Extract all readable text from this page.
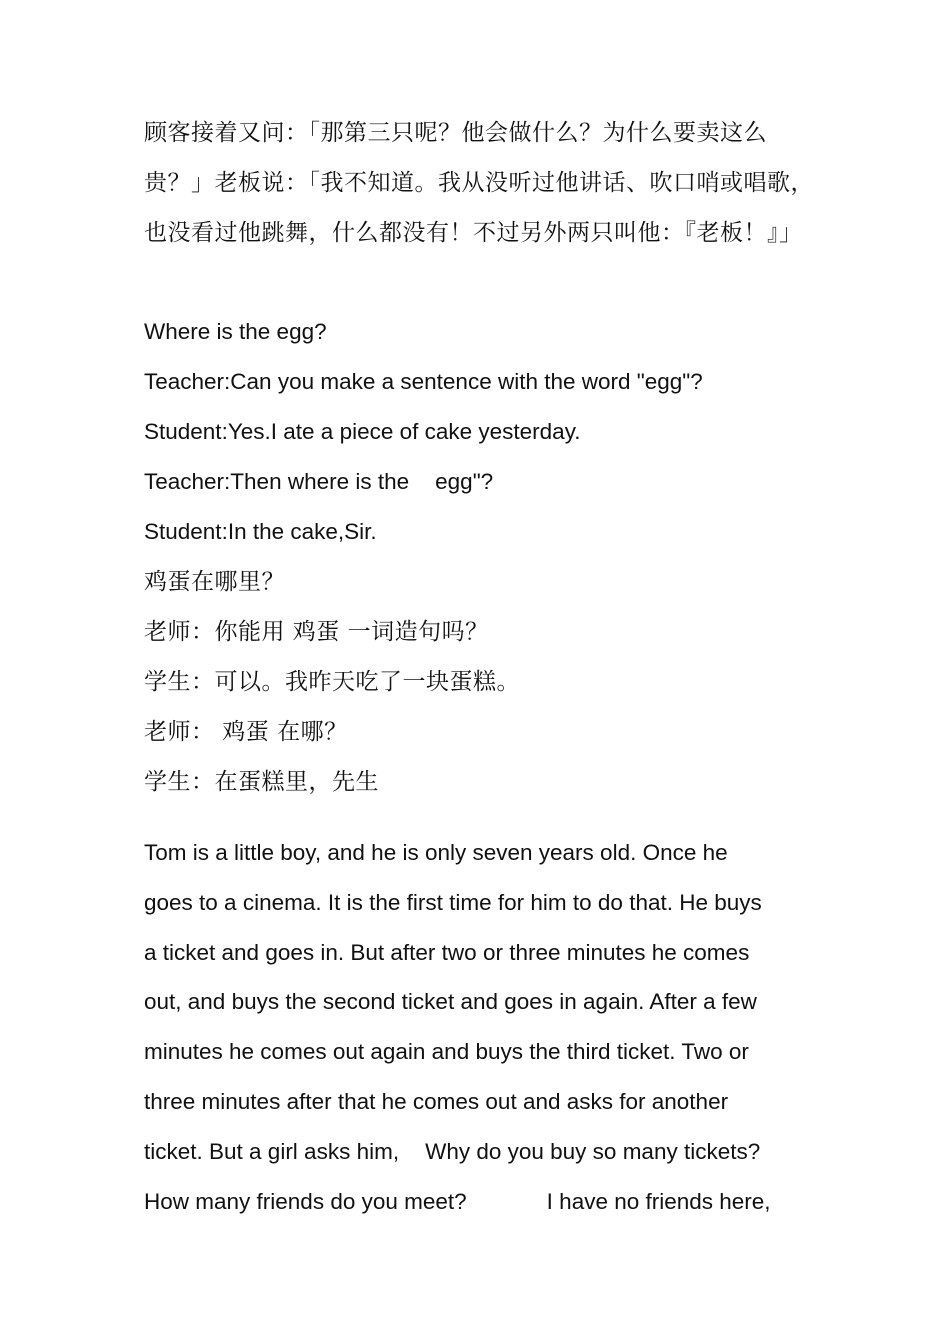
顾客接着又问：「那第三只呢？他会做什么？为什么要卖这么
贵？」老板说：「我不知道。我从没听过他讲话、吹口哨或唱歌，
也没看过他跳舞，什么都没有！不过另外两只叫他：『老板！』」
Where is the egg?
Teacher:Can you make a sentence with the word "egg"?
Student:Yes.I ate a piece of cake yesterday.
Teacher:Then where is the egg"?
Student:In the cake,Sir.
鸡蛋在哪里？
老师：你能用 鸡蛋 一词造句吗？
学生：可以。我昨天吃了一块蛋糕。
老师： 鸡蛋 在哪？
学生：在蛋糕里，先生
Tom is a little boy, and he is only seven years old. Once he
goes to a cinema. It is the first time for him to do that. He buys
a ticket and goes in. But after two or three minutes he comes
out, and buys the second ticket and goes in again. After a few
minutes he comes out again and buys the third ticket. Two or
three minutes after that he comes out and asks for another
ticket. But a girl asks him, Why do you buy so many tickets?
How many friends do you meet?	I have no friends here,
